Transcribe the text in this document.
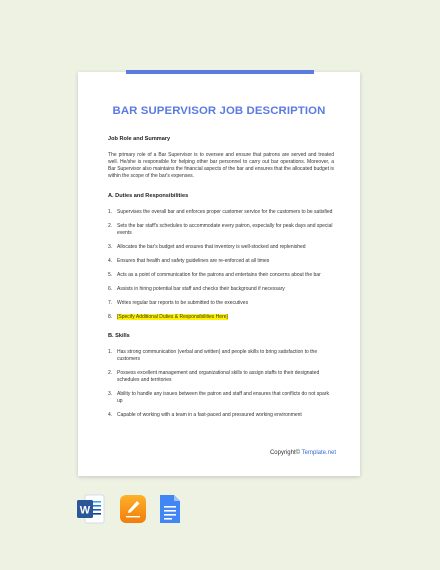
BAR SUPERVISOR JOB DESCRIPTION
Job Role and Summary

The primary role of a Bar Supervisor is to oversee and ensure that patrons are served and treated well. He/she is responsible for helping other bar personnel to carry out bar operations. Moreover, a Bar Supervisor also maintains the financial aspects of the bar and ensures that the allocated budget is within the scope of the bar's expenses.

A. Duties and Responsibilities
1. Supervises the overall bar and enforces proper customer service for the customers to be satisfied
2. Sets the bar staff's schedules to accommodate every patron, especially for peak days and special events
3. Allocates the bar's budget and ensures that inventory is well-stocked and replenished
4. Ensures that health and safety guidelines are re-enforced at all times
5. Acts as a point of communication for the patrons and entertains their concerns about the bar
6. Assists in hiring potential bar staff and checks their background if necessary
7. Writes regular bar reports to be submitted to the executives
8. [Specify Additional Duties & Responsibilities Here]
B. Skills
1. Has strong communication (verbal and written) and people skills to bring satisfaction to the customers
2. Possess excellent management and organizational skills to assign staffs to their designated schedules and territories
3. Ability to handle any issues between the patron and staff and ensures that conflicts do not spark up
4. Capable of working with a team in a fast-paced and pressured working environment
Copyright© Template.net
W
